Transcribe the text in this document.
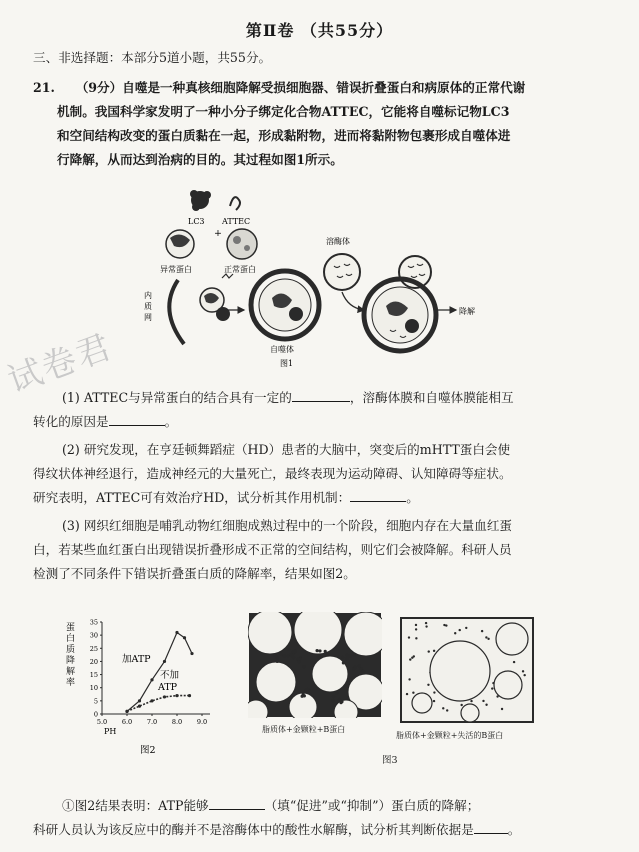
第Ⅱ卷 （共55分）
三、非选择题：本部分5道小题，共55分。
21. （9分）自噬是一种真核细胞降解受损细胞器、错误折叠蛋白和病原体的正常代谢
机制。我国科学家发明了一种小分子绑定化合物ATTEC，它能将自噬标记物LC3
和空间结构改变的蛋白质黏在一起，形成黏附物，进而将黏附物包裹形成自噬体进
行降解，从而达到治病的目的。其过程如图1所示。
LC3 ATTEC
+
异常蛋白	正常蛋白
内
质
网
自噬体
图1
溶酶体
降解
试卷君
(1) ATTEC与异常蛋白的结合具有一定的	，溶酶体膜和自噬体膜能相互
转化的原因是	。
(2) 研究发现，在亨廷顿舞蹈症（HD）患者的大脑中，突变后的mHTT蛋白会使
得纹状体神经退行，造成神经元的大量死亡，最终表现为运动障碍、认知障碍等症状。
研究表明，ATTEC可有效治疗HD，试分析其作用机制：	。
(3) 网织红细胞是哺乳动物红细胞成熟过程中的一个阶段，细胞内存在大量血红蛋
白，若某些血红蛋白出现错误折叠形成不正常的空间结构，则它们会被降解。科研人员
检测了不同条件下错误折叠蛋白质的降解率，结果如图2。
蛋
白
质
降
解
率
0
5
10
15
20
25
30
35
5.0 6.0 7.0 8.0 9.0
加ATP
不加 ATP
PH
图2
脂质体+金颗粒+B蛋白
脂质体+金颗粒+失活的B蛋白
图3
①图2结果表明：ATP能够	（填“促进”或“抑制”）蛋白质的降解；
科研人员认为该反应中的酶并不是溶酶体中的酸性水解酶，试分析其判断依据是	。
